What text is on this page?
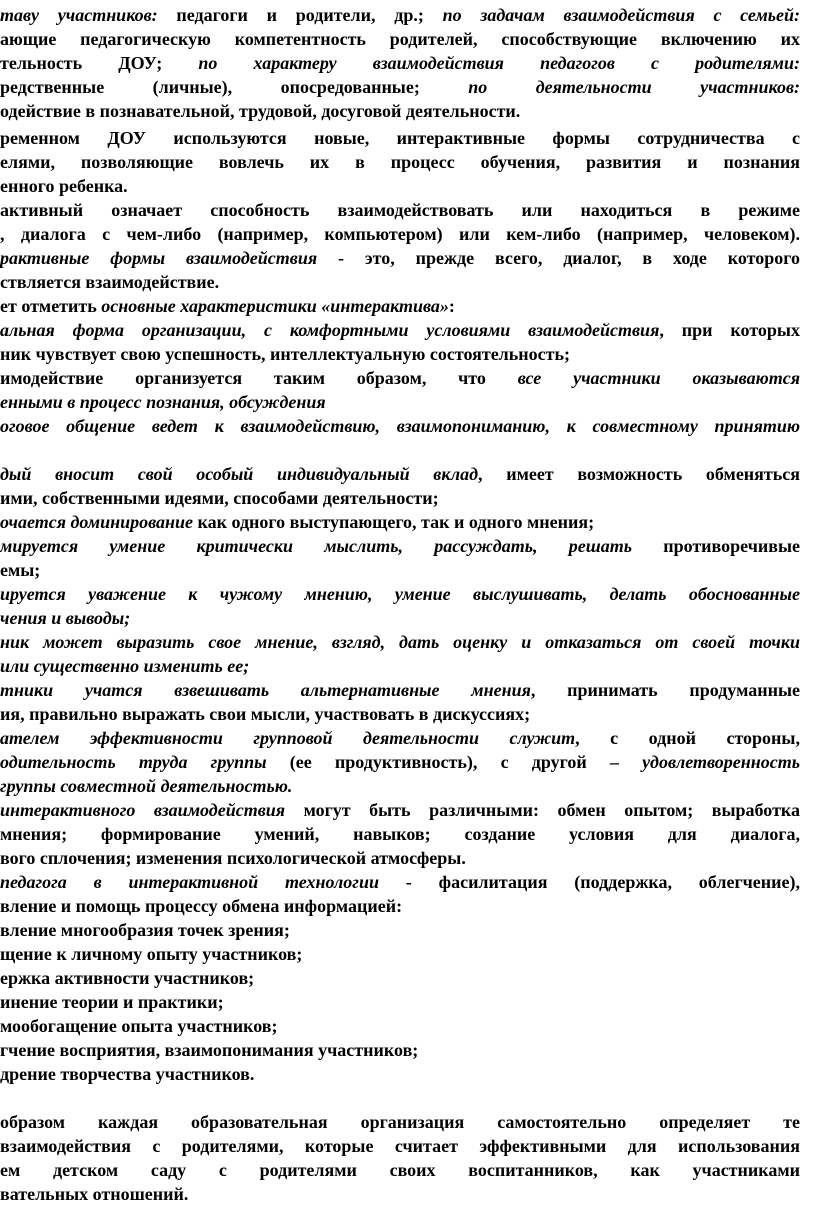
таву участников: педагоги и родители, др.; по задачам взаимодействия с семьей:
ающие педагогическую компетентность родителей, способствующие включению их
тельность ДОУ; по характеру взаимодействия педагогов с родителями:
редственные (личные), опосредованные; по деятельности участников:
одействие в познавательной, трудовой, досуговой деятельности.
ременном ДОУ используются новые, интерактивные формы сотрудничества с
елями, позволяющие вовлечь их в процесс обучения, развития и познания
енного ребенка.
активный означает способность взаимодействовать или находиться в режиме
, диалога с чем-либо (например, компьютером) или кем-либо (например, человеком).
рактивные формы взаимодействия - это, прежде всего, диалог, в ходе которого
ствляется взаимодействие.
ет отметить основные характеристики «интерактива»:
альная форма организации, с комфортными условиями взаимодействия, при которых
ник чувствует свою успешность, интеллектуальную состоятельность;
имодействие организуется таким образом, что все участники оказываются
енными в процесс познания, обсуждения
оговое общение ведет к взаимодействию, взаимопониманию, к совместному принятию
дый вносит свой особый индивидуальный вклад, имеет возможность обменяться
ими, собственными идеями, способами деятельности;
очается доминирование как одного выступающего, так и одного мнения;
мируется умение критически мыслить, рассуждать, решать противоречивые
емы;
ируется уважение к чужому мнению, умение выслушивать, делать обоснованные
чения и выводы;
ник может выразить свое мнение, взгляд, дать оценку и отказаться от своей точки
или существенно изменить ее;
тники учатся взвешивать альтернативные мнения, принимать продуманные
ия, правильно выражать свои мысли, участвовать в дискуссиях;
ателем эффективности групповой деятельности служит, с одной стороны,
одительность труда группы (ее продуктивность), с другой – удовлетворенность
группы совместной деятельностью.
интерактивного взаимодействия могут быть различными: обмен опытом; выработка
мнения; формирование умений, навыков; создание условия для диалога,
вого сплочения; изменения психологической атмосферы.
педагога в интерактивной технологии - фасилитация (поддержка, облегчение),
вление и помощь процессу обмена информацией:
вление многообразия точек зрения;
щение к личному опыту участников;
ержка активности участников;
инение теории и практики;
мообогащение опыта участников;
гчение восприятия, взаимопонимания участников;
дрение творчества участников.
образом каждая образовательная организация самостоятельно определяет те
взаимодействия с родителями, которые считает эффективными для использования
ем детском саду с родителями своих воспитанников, как участниками
вательных отношений.
